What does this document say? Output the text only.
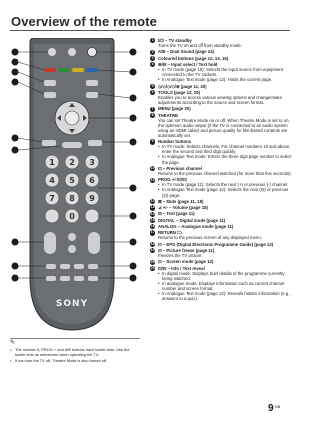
Overview of the remote
1 2 3
4 5 6
7 8 9
0
SONY
✎
• The number 5, PROG + and A/B buttons have tactile dots. Use the tactile dots as references when operating the TV.
• If you turn the TV off, Theatre Mode is also turned off.
1	I/⏻ – TV standby
Turns the TV on and off from standby mode.
2	A/B – Dual Sound (page 24)
3	Coloured buttons (page 12, 13, 15)
4	⊕/⊟ – Input select / Text hold
• In TV mode (page 18): Selects the input source from equipment connected to the TV sockets.
• In Analogue Text mode (page 12): Holds the current page.
5	◇/◇/◇/◇/⊕ (page 11, 20)
6	TOOLS (page 12, 19)
Enables you to access various viewing options and change/make adjustments according to the source and screen format.
7	MENU (page 20)
8	THEATRE
You can set Theatre Mode on or off. When Theatre Mode is set to on, the optimum audio output (if the TV is connected to an audio system using an HDMI cable) and picture quality for film-based contents are automatically set.
9	Number buttons
• In TV mode: Selects channels. For channel numbers 10 and above, enter the second and third digit quickly.
• In Analogue Text mode: Enters the three digit page number to select the page.
10 ⊡ – Previous channel
Returns to the previous channel watched (for more than five seconds).
11 PROG +/-/⊡/⊡
• In TV mode (page 11): Selects the next (+) or previous (-) channel.
• In Analogue Text mode (page 12): Selects the next (⊡) or previous (⊡) page.
12 ⊠ – Mute (page 11, 18)
13 ⊿ +/- – Volume (page 18)
14 ⊟ – Text (page 11)
15 DIGITAL – Digital mode (page 11)
16 ANALOG – Analogue mode (page 11)
17 RETURN /⊃
Returns to the previous screen of any displayed menu.
18 ⊡ – EPG (Digital Electronic Programme Guide) (page 13)
19 ⊡ – Picture freeze (page 11)
Freezes the TV picture.
20 ⊡ – Screen mode (page 12)
21 ⊡/⊡ – Info / Text reveal
• In digital mode: Displays brief details of the programme currently being watched.
• In analogue mode: Displays information such as current channel number and screen format.
• In Analogue Text mode (page 12): Reveals hidden information (e.g., answers to a quiz).
$9^{GB}$
